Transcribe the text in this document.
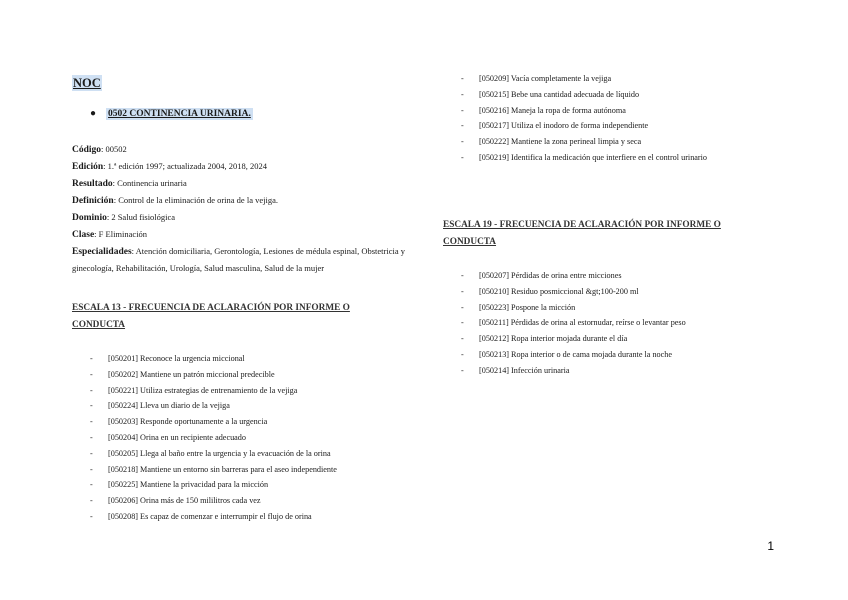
NOC
● 0502 CONTINENCIA URINARIA.
Código: 00502
Edición: 1.ª edición 1997; actualizada 2004, 2018, 2024
Resultado: Continencia urinaria
Definición: Control de la eliminación de orina de la vejiga.
Dominio: 2 Salud fisiológica
Clase: F Eliminación
Especialidades: Atención domiciliaria, Gerontología, Lesiones de médula espinal, Obstetricia y ginecología, Rehabilitación, Urología, Salud masculina, Salud de la mujer
ESCALA 13 - FRECUENCIA DE ACLARACIÓN POR INFORME O CONDUCTA
- [050201] Reconoce la urgencia miccional
- [050202] Mantiene un patrón miccional predecible
- [050221] Utiliza estrategias de entrenamiento de la vejiga
- [050224] Lleva un diario de la vejiga
- [050203] Responde oportunamente a la urgencia
- [050204] Orina en un recipiente adecuado
- [050205] Llega al baño entre la urgencia y la evacuación de la orina
- [050218] Mantiene un entorno sin barreras para el aseo independiente
- [050225] Mantiene la privacidad para la micción
- [050206] Orina más de 150 mililitros cada vez
- [050208] Es capaz de comenzar e interrumpir el flujo de orina
- [050209] Vacía completamente la vejiga
- [050215] Bebe una cantidad adecuada de líquido
- [050216] Maneja la ropa de forma autónoma
- [050217] Utiliza el inodoro de forma independiente
- [050222] Mantiene la zona perineal limpia y seca
- [050219] Identifica la medicación que interfiere en el control urinario
ESCALA 19 - FRECUENCIA DE ACLARACIÓN POR INFORME O CONDUCTA
- [050207] Pérdidas de orina entre micciones
- [050210] Residuo posmiccional &gt;100-200 ml
- [050223] Pospone la micción
- [050211] Pérdidas de orina al estornudar, reírse o levantar peso
- [050212] Ropa interior mojada durante el día
- [050213] Ropa interior o de cama mojada durante la noche
- [050214] Infección urinaria
1
